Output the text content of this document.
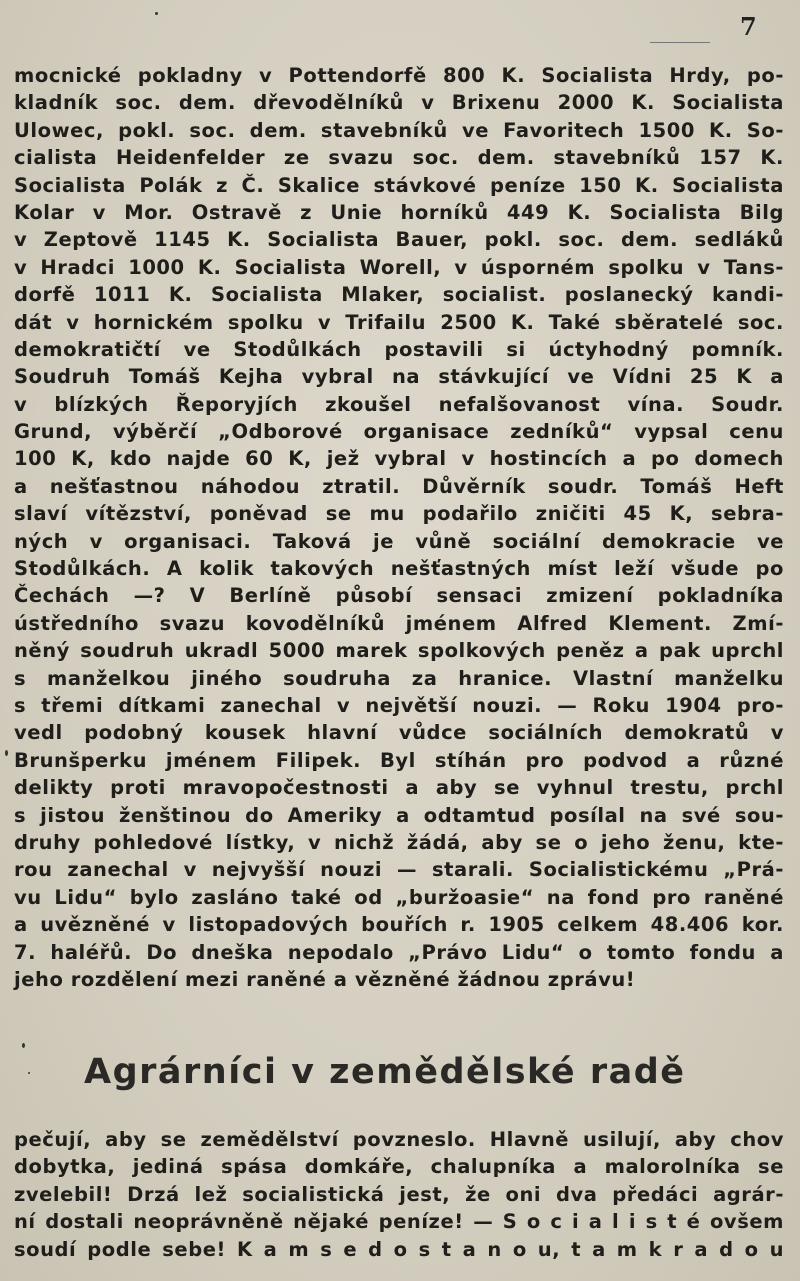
7
mocnické pokladny v Pottendorfě 800 K. Socialista Hrdy, po-
kladník soc. dem. dřevodělníků v Brixenu 2000 K. Socialista
Ulowec, pokl. soc. dem. stavebníků ve Favoritech 1500 K. So-
cialista Heidenfelder ze svazu soc. dem. stavebníků 157 K.
Socialista Polák z Č. Skalice stávkové peníze 150 K. Socialista
Kolar v Mor. Ostravě z Unie horníků 449 K. Socialista Bilg
v Zeptově 1145 K. Socialista Bauer, pokl. soc. dem. sedláků
v Hradci 1000 K. Socialista Worell, v úsporném spolku v Tans-
dorfě 1011 K. Socialista Mlaker, socialist. poslanecký kandi-
dát v hornickém spolku v Trifailu 2500 K. Také sběratelé soc.
demokratičtí ve Stodůlkách postavili si úctyhodný pomník.
Soudruh Tomáš Kejha vybral na stávkující ve Vídni 25 K a
v blízkých Řeporyjích zkoušel nefalšovanost vína. Soudr.
Grund, výběrčí „Odborové organisace zedníků“ vypsal cenu
100 K, kdo najde 60 K, jež vybral v hostincích a po domech
a nešťastnou náhodou ztratil. Důvěrník soudr. Tomáš Heft
slaví vítězství, poněvad se mu podařilo zničiti 45 K, sebra-
ných v organisaci. Taková je vůně sociální demokracie ve
Stodůlkách. A kolik takových nešťastných míst leží všude po
Čechách —? V Berlíně působí sensaci zmizení pokladníka
ústředního svazu kovodělníků jménem Alfred Klement. Zmí-
něný soudruh ukradl 5000 marek spolkových peněz a pak uprchl
s manželkou jiného soudruha za hranice. Vlastní manželku
s třemi dítkami zanechal v největší nouzi. — Roku 1904 pro-
vedl podobný kousek hlavní vůdce sociálních demokratů v
Brunšperku jménem Filipek. Byl stíhán pro podvod a různé
delikty proti mravopočestnosti a aby se vyhnul trestu, prchl
s jistou ženštinou do Ameriky a odtamtud posílal na své sou-
druhy pohledové lístky, v nichž žádá, aby se o jeho ženu, kte-
rou zanechal v nejvyšší nouzi — starali. Socialistickému „Prá-
vu Lidu“ bylo zasláno také od „buržoasie“ na fond pro raněné
a uvězněné v listopadových bouřích r. 1905 celkem 48.406 kor.
7. haléřů. Do dneška nepodalo „Právo Lidu“ o tomto fondu a
jeho rozdělení mezi raněné a vězněné žádnou zprávu!
Agrárníci v zemědělské radě
pečují, aby se zemědělství povzneslo. Hlavně usilují, aby chov
dobytka, jediná spása domkáře, chalupníka a malorolníka se
zvelebil! Drzá lež socialistická jest, že oni dva předáci agrár-
ní dostali neoprávněně nějaké peníze! — S o c i a l i s t é ovšem
soudí podle sebe! K a m s e d o s t a n o u, t a m k r a d o u
